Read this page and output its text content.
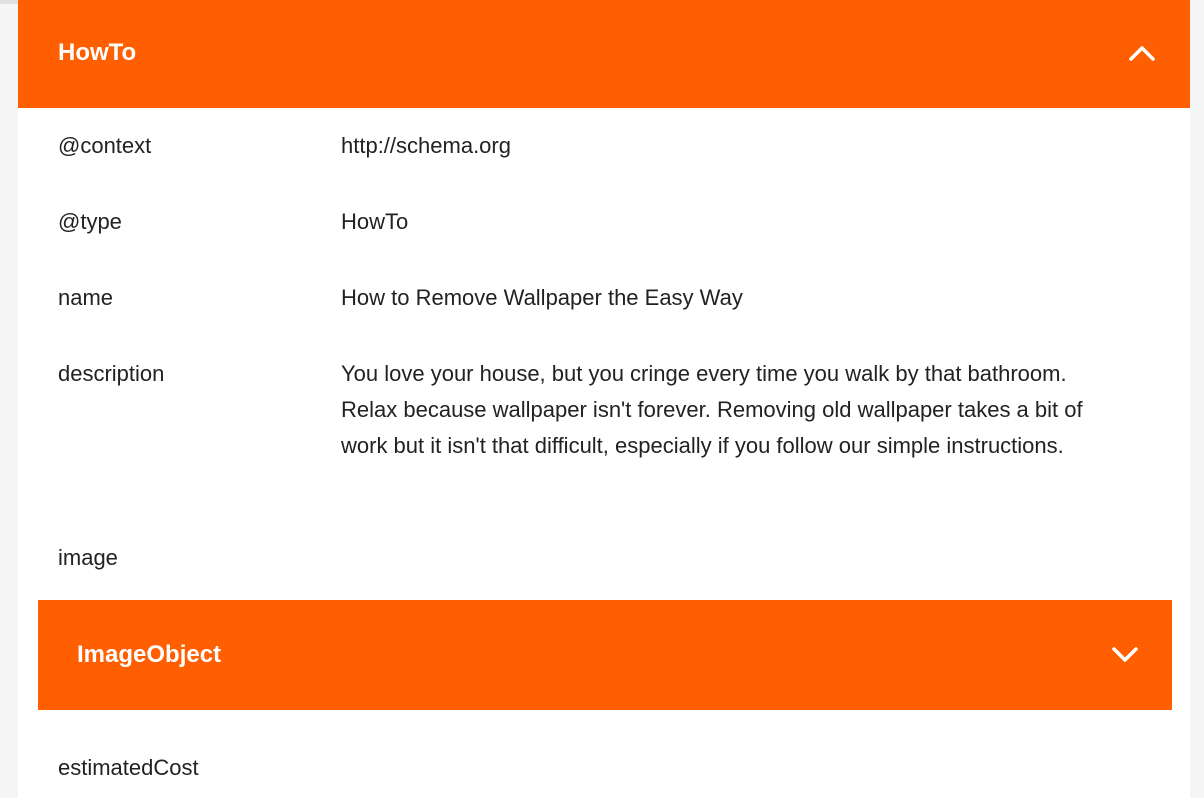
HowTo
@context	http://schema.org
@type	HowTo
name	How to Remove Wallpaper the Easy Way
description	You love your house, but you cringe every time you walk by that bathroom. Relax because wallpaper isn't forever. Removing old wallpaper takes a bit of work but it isn't that difficult, especially if you follow our simple instructions.
image
ImageObject
estimatedCost
